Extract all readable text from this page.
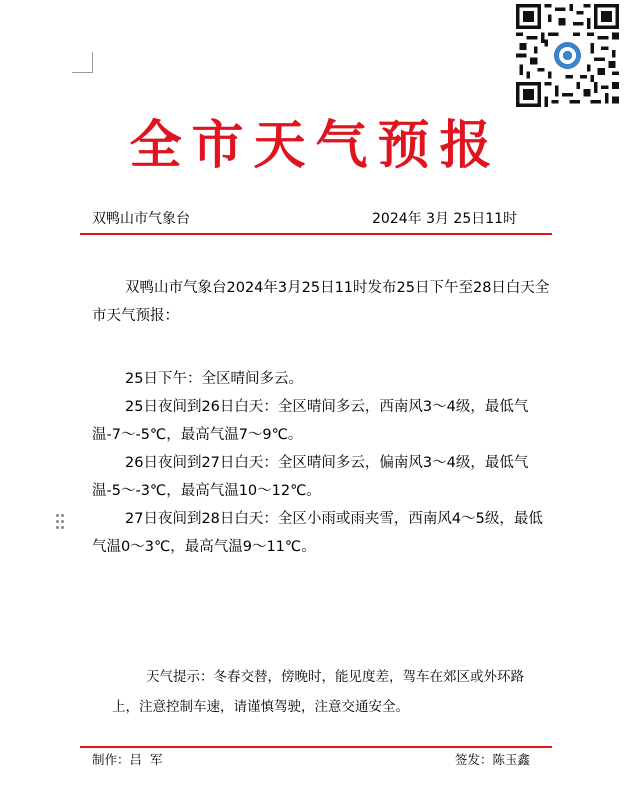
全市天气预报
双鸭山市气象台	2024年 3月 25日11时

双鸭山市气象台2024年3月25日11时发布25日下午至28日白天全市天气预报：

25日下午：全区晴间多云。

25日夜间到26日白天：全区晴间多云，西南风3～4级，最低气温-7～-5℃，最高气温7～9℃。

26日夜间到27日白天：全区晴间多云，偏南风3～4级，最低气温-5～-3℃，最高气温10～12℃。

27日夜间到28日白天：全区小雨或雨夹雪，西南风4～5级，最低气温0～3℃，最高气温9～11℃。

天气提示：冬春交替，傍晚时，能见度差，驾车在郊区或外环路上，注意控制车速，请谨慎驾驶，注意交通安全。

制作：吕  军	签发：陈玉鑫
